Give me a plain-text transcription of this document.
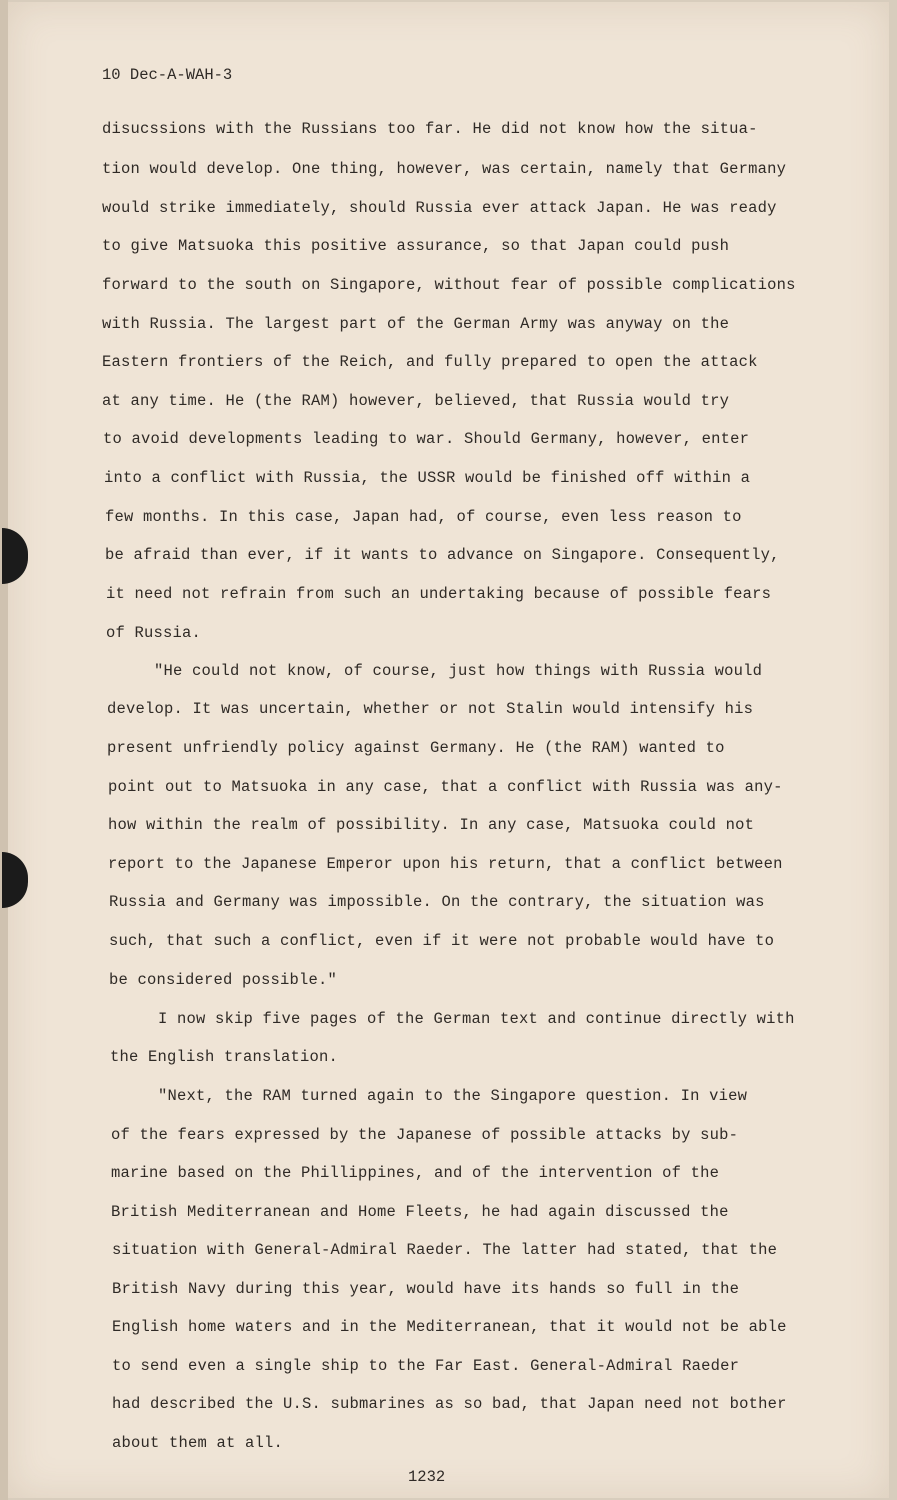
10 Dec-A-WAH-3
disucssions with the Russians too far. He did not know how the situa-
tion would develop. One thing, however, was certain, namely that Germany
would strike immediately, should Russia ever attack Japan. He was ready
to give Matsuoka this positive assurance, so that Japan could push
forward to the south on Singapore, without fear of possible complications
with Russia. The largest part of the German Army was anyway on the
Eastern frontiers of the Reich, and fully prepared to open the attack
at any time. He (the RAM) however, believed, that Russia would try
to avoid developments leading to war. Should Germany, however, enter
into a conflict with Russia, the USSR would be finished off within a
few months. In this case, Japan had, of course, even less reason to
be afraid than ever, if it wants to advance on Singapore. Consequently,
it need not refrain from such an undertaking because of possible fears
of Russia.
"He could not know, of course, just how things with Russia would
develop. It was uncertain, whether or not Stalin would intensify his
present unfriendly policy against Germany. He (the RAM) wanted to
point out to Matsuoka in any case, that a conflict with Russia was any-
how within the realm of possibility. In any case, Matsuoka could not
report to the Japanese Emperor upon his return, that a conflict between
Russia and Germany was impossible. On the contrary, the situation was
such, that such a conflict, even if it were not probable would have to
be considered possible."
I now skip five pages of the German text and continue directly with
the English translation.
"Next, the RAM turned again to the Singapore question. In view
of the fears expressed by the Japanese of possible attacks by sub-
marine based on the Phillippines, and of the intervention of the
British Mediterranean and Home Fleets, he had again discussed the
situation with General-Admiral Raeder. The latter had stated, that the
British Navy during this year, would have its hands so full in the
English home waters and in the Mediterranean, that it would not be able
to send even a single ship to the Far East. General-Admiral Raeder
had described the U.S. submarines as so bad, that Japan need not bother
about them at all.
1232
